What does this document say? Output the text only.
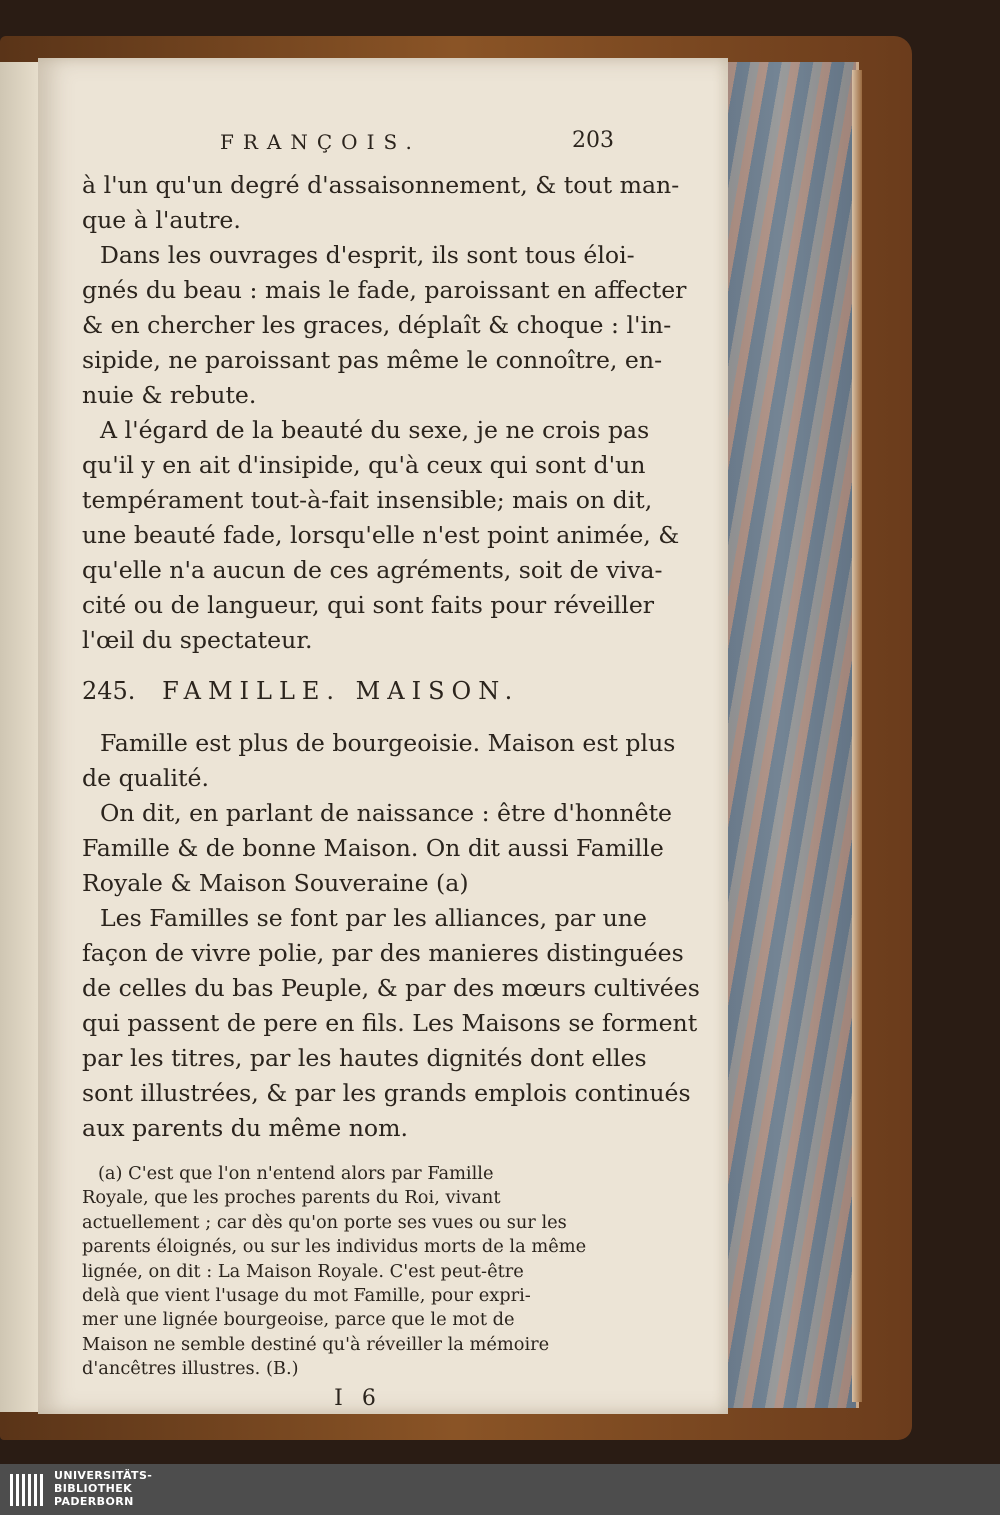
FRANÇOIS.	203
à l'un qu'un degré d'assaisonnement, & tout man-
que à l'autre.
Dans les ouvrages d'esprit, ils sont tous éloi-
gnés du beau : mais le fade, paroissant en affecter
& en chercher les graces, déplaît & choque : l'in-
sipide, ne paroissant pas même le connoître, en-
nuie & rebute.
A l'égard de la beauté du sexe, je ne crois pas
qu'il y en ait d'insipide, qu'à ceux qui sont d'un
tempérament tout-à-fait insensible; mais on dit,
une beauté fade, lorsqu'elle n'est point animée, &
qu'elle n'a aucun de ces agréments, soit de viva-
cité ou de langueur, qui sont faits pour réveiller
l'œil du spectateur.
245. FAMILLE. MAISON.
Famille est plus de bourgeoisie. Maison est plus
de qualité.
On dit, en parlant de naissance : être d'honnête
Famille & de bonne Maison. On dit aussi Famille
Royale & Maison Souveraine (a)
Les Familles se font par les alliances, par une
façon de vivre polie, par des manieres distinguées
de celles du bas Peuple, & par des mœurs cultivées
qui passent de pere en fils. Les Maisons se forment
par les titres, par les hautes dignités dont elles
sont illustrées, & par les grands emplois continués
aux parents du même nom.
(a) C'est que l'on n'entend alors par Famille
Royale, que les proches parents du Roi, vivant
actuellement ; car dès qu'on porte ses vues ou sur les
parents éloignés, ou sur les individus morts de la même
lignée, on dit : La Maison Royale. C'est peut-être
delà que vient l'usage du mot Famille, pour expri-
mer une lignée bourgeoise, parce que le mot de
Maison ne semble destiné qu'à réveiller la mémoire
d'ancêtres illustres. (B.)
I 6
UNIVERSITÄTS-
BIBLIOTHEK
PADERBORN
